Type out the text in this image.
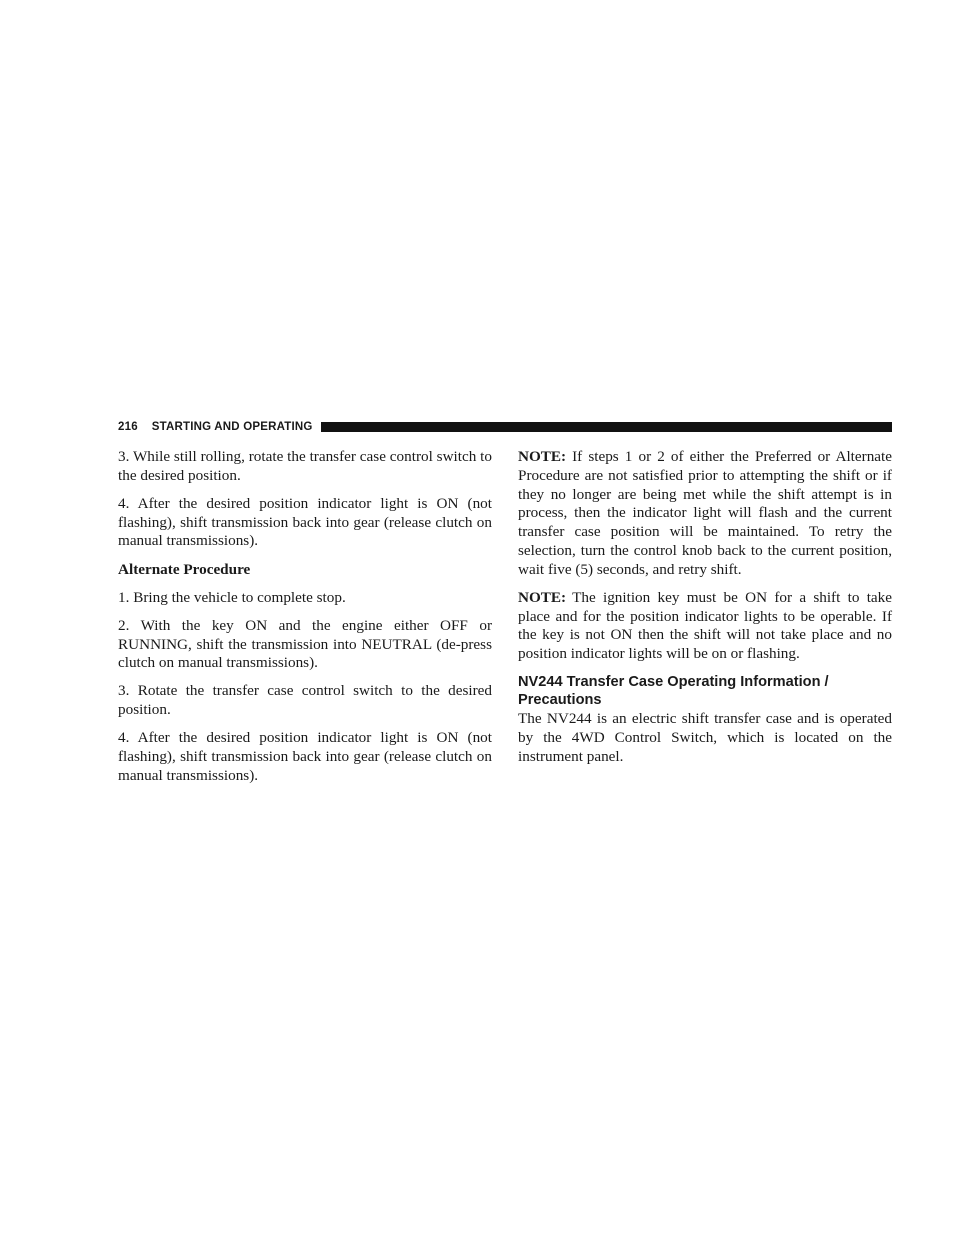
216 STARTING AND OPERATING

3. While still rolling, rotate the transfer case control switch to the desired position.

4. After the desired position indicator light is ON (not flashing), shift transmission back into gear (release clutch on manual transmissions).

Alternate Procedure

1. Bring the vehicle to complete stop.

2. With the key ON and the engine either OFF or RUNNING, shift the transmission into NEUTRAL (de-press clutch on manual transmissions).

3. Rotate the transfer case control switch to the desired position.

4. After the desired position indicator light is ON (not flashing), shift transmission back into gear (release clutch on manual transmissions).

NOTE: If steps 1 or 2 of either the Preferred or Alternate Procedure are not satisfied prior to attempting the shift or if they no longer are being met while the shift attempt is in process, then the indicator light will flash and the current transfer case position will be maintained. To retry the selection, turn the control knob back to the current position, wait five (5) seconds, and retry shift.

NOTE: The ignition key must be ON for a shift to take place and for the position indicator lights to be operable. If the key is not ON then the shift will not take place and no position indicator lights will be on or flashing.

NV244 Transfer Case Operating Information / Precautions

The NV244 is an electric shift transfer case and is operated by the 4WD Control Switch, which is located on the instrument panel.
